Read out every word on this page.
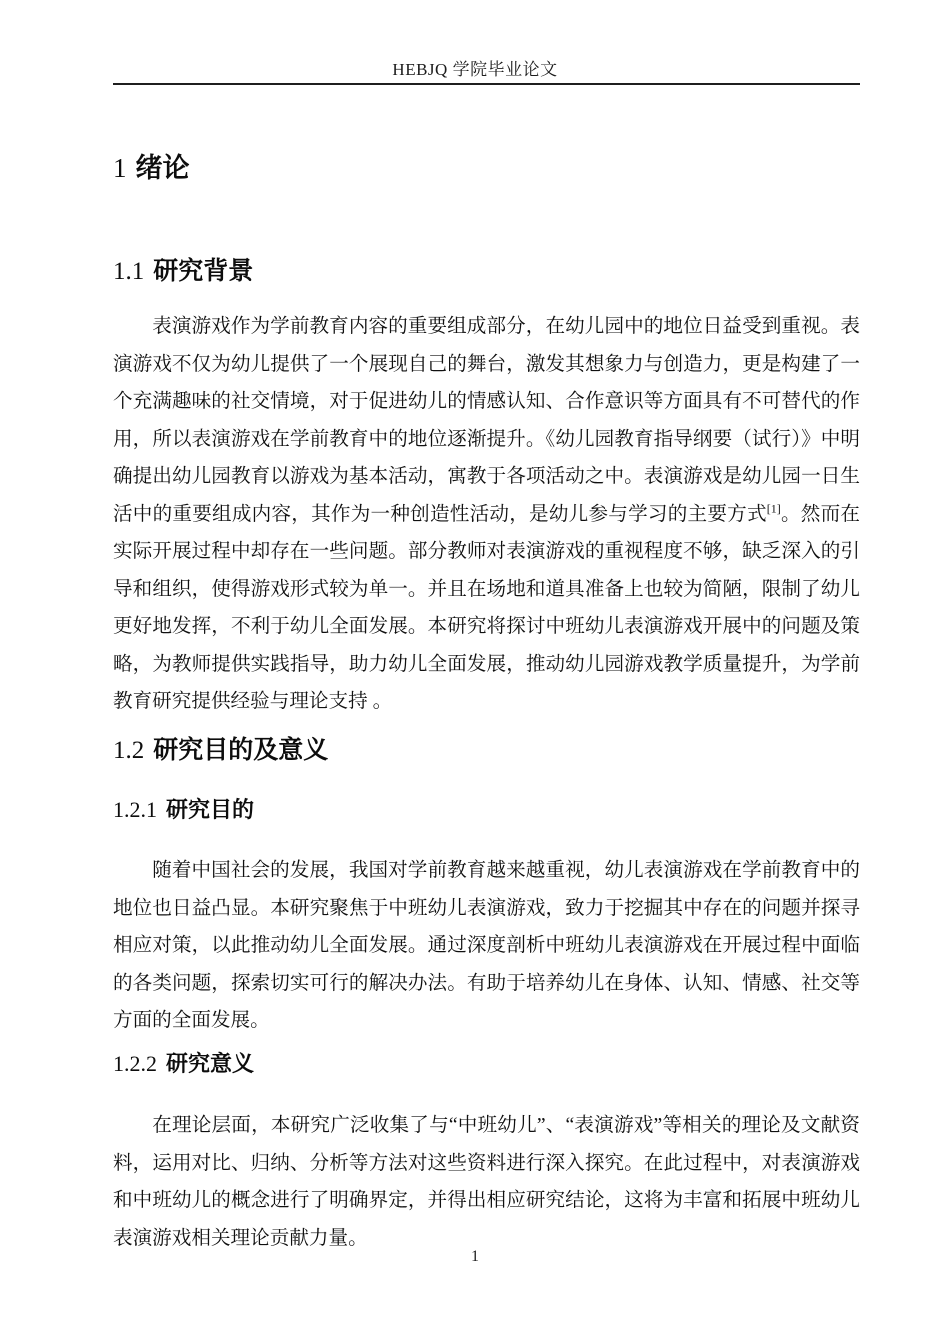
HEBJQ 学院毕业论文
1 绪论
1.1 研究背景

表演游戏作为学前教育内容的重要组成部分，在幼儿园中的地位日益受到重视。表演游戏不仅为幼儿提供了一个展现自己的舞台，激发其想象力与创造力，更是构建了一个充满趣味的社交情境，对于促进幼儿的情感认知、合作意识等方面具有不可替代的作用，所以表演游戏在学前教育中的地位逐渐提升。《幼儿园教育指导纲要（试行）》中明确提出幼儿园教育以游戏为基本活动，寓教于各项活动之中。表演游戏是幼儿园一日生活中的重要组成内容，其作为一种创造性活动，是幼儿参与学习的主要方式[1]。然而在实际开展过程中却存在一些问题。部分教师对表演游戏的重视程度不够，缺乏深入的引导和组织，使得游戏形式较为单一。并且在场地和道具准备上也较为简陋，限制了幼儿更好地发挥，不利于幼儿全面发展。本研究将探讨中班幼儿表演游戏开展中的问题及策略，为教师提供实践指导，助力幼儿全面发展，推动幼儿园游戏教学质量提升，为学前教育研究提供经验与理论支持 。

1.2 研究目的及意义
1.2.1 研究目的

随着中国社会的发展，我国对学前教育越来越重视，幼儿表演游戏在学前教育中的地位也日益凸显。本研究聚焦于中班幼儿表演游戏，致力于挖掘其中存在的问题并探寻相应对策，以此推动幼儿全面发展。通过深度剖析中班幼儿表演游戏在开展过程中面临的各类问题，探索切实可行的解决办法。有助于培养幼儿在身体、认知、情感、社交等方面的全面发展。

1.2.2 研究意义

在理论层面，本研究广泛收集了与“中班幼儿”、“表演游戏”等相关的理论及文献资料，运用对比、归纳、分析等方法对这些资料进行深入探究。在此过程中，对表演游戏和中班幼儿的概念进行了明确界定，并得出相应研究结论，这将为丰富和拓展中班幼儿表演游戏相关理论贡献力量。

1
